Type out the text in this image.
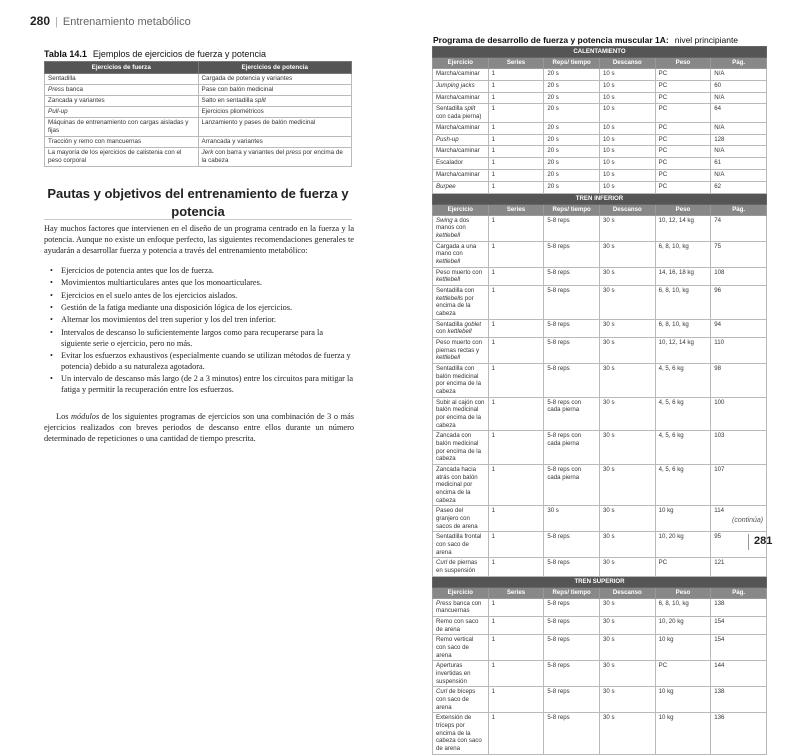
280 | Entrenamiento metabólico
Tabla 14.1 Ejemplos de ejercicios de fuerza y potencia
Ejercicios de fuerza	Ejercicios de potencia
Sentadilla	Cargada de potencia y variantes
Press banca	Pase con balón medicinal
Zancada y variantes	Salto en sentadilla split
Pull-up	Ejercicios pliométricos
Máquinas de entrenamiento con cargas aisladas y fijas	Lanzamiento y pases de balón medicinal
Tracción y remo con mancuernas	Arrancada y variantes
La mayoría de los ejercicios de calistenia con el peso corporal	Jerk con barra y variantes del press por encima de la cabeza
Pautas y objetivos del entrenamiento de fuerza y potencia

Hay muchos factores que intervienen en el diseño de un programa centrado en la fuerza y la potencia. Aunque no existe un enfoque perfecto, las siguientes recomendaciones generales te ayudarán a desarrollar fuerza y potencia a través del entrenamiento metabólico:

• Ejercicios de potencia antes que los de fuerza.
• Movimientos multiarticulares antes que los monoarticulares.
• Ejercicios en el suelo antes de los ejercicios aislados.
• Gestión de la fatiga mediante una disposición lógica de los ejercicios.
• Alternar los movimientos del tren superior y los del tren inferior.
• Intervalos de descanso lo suficientemente largos como para recuperarse para la siguiente serie o ejercicio, pero no más.
• Evitar los esfuerzos exhaustivos (especialmente cuando se utilizan métodos de fuerza y potencia) debido a su naturaleza agotadora.
• Un intervalo de descanso más largo (de 2 a 3 minutos) entre los circuitos para mitigar la fatiga y permitir la recuperación entre los esfuerzos.

Los módulos de los siguientes programas de ejercicios son una combinación de 3 o más ejercicios realizados con breves periodos de descanso entre ellos durante un número determinado de repeticiones o una cantidad de tiempo prescrita.

Programa de desarrollo de fuerza y potencia muscular 1A: nivel principiante
CALENTAMIENTO					
Ejercicio	Series	Reps/ tiempo	Descanso	Peso	Pág.
Marcha/caminar	1	20 s	10 s	PC	N/A
Jumping jacks	1	20 s	10 s	PC	60
Marcha/caminar	1	20 s	10 s	PC	N/A
Sentadilla split con cada pierna)	1	20 s	10 s	PC	64
Marcha/caminar	1	20 s	10 s	PC	N/A
Push-up	1	20 s	10 s	PC	128
Marcha/caminar	1	20 s	10 s	PC	N/A
Escalador	1	20 s	10 s	PC	61
Marcha/caminar	1	20 s	10 s	PC	N/A
Burpee	1	20 s	10 s	PC	62
TREN INFERIOR					
Ejercicio	Series	Reps/ tiempo	Descanso	Peso	Pág.
Swing a dos manos con kettlebell	1	5-8 reps	30 s	10, 12, 14 kg	74
Cargada a una mano con kettlebell	1	5-8 reps	30 s	6, 8, 10, kg	75
Peso muerto con kettlebell	1	5-8 reps	30 s	14, 16, 18 kg	108
Sentadilla con kettlebells por encima de la cabeza	1	5-8 reps	30 s	6, 8, 10, kg	96
Sentadilla goblet con kettlebell	1	5-8 reps	30 s	6, 8, 10, kg	94
Peso muerto con piernas rectas y kettlebell	1	5-8 reps	30 s	10, 12, 14 kg	110
Sentadilla con balón medicinal por encima de la cabeza	1	5-8 reps	30 s	4, 5, 6 kg	98
Subir al cajón con balón medicinal por encima de la cabeza	1	5-8 reps con cada pierna	30 s	4, 5, 6 kg	100
Zancada con balón medicinal por encima de la cabeza	1	5-8 reps con cada pierna	30 s	4, 5, 6 kg	103
Zancada hacia atrás con balón medicinal por encima de la cabeza	1	5-8 reps con cada pierna	30 s	4, 5, 6 kg	107
Paseo del granjero con sacos de arena	1	30 s	30 s	10 kg	114
Sentadilla frontal con saco de arena	1	5-8 reps	30 s	10, 20 kg	95
Curl de piernas en suspensión	1	5-8 reps	30 s	PC	121
TREN SUPERIOR					
Ejercicio	Series	Reps/ tiempo	Descanso	Peso	Pág.
Press banca con mancuernas	1	5-8 reps	30 s	6, 8, 10, kg	138
Remo con saco de arena	1	5-8 reps	30 s	10, 20 kg	154
Remo vertical con saco de arena	1	5-8 reps	30 s	10 kg	154
Aperturas invertidas en suspensión	1	5-8 reps	30 s	PC	144
Curl de bíceps con saco de arena	1	5-8 reps	30 s	10 kg	138
Extensión de tríceps por encima de la cabeza con saco de arena	1	5-8 reps	30 s	10 kg	136
(continúa)
281
